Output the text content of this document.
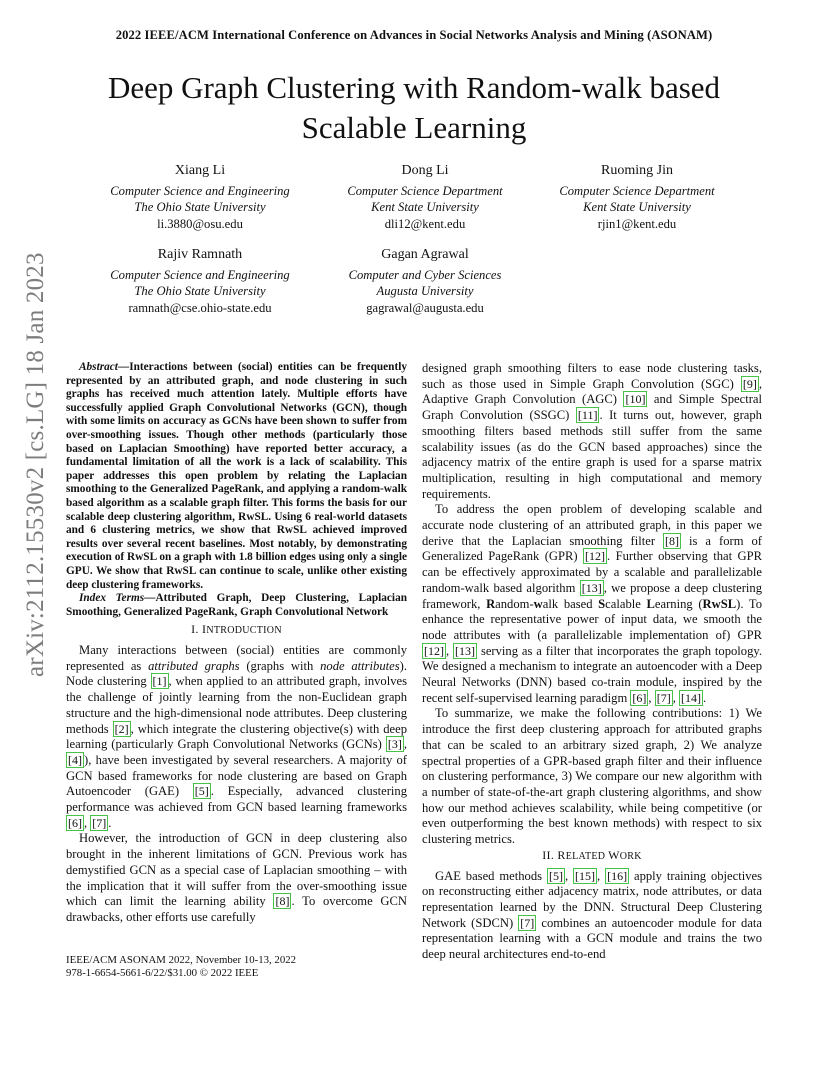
2022 IEEE/ACM International Conference on Advances in Social Networks Analysis and Mining (ASONAM)
Deep Graph Clustering with Random-walk based
Scalable Learning
Xiang Li
Computer Science and Engineering
The Ohio State University
li.3880@osu.edu
Dong Li
Computer Science Department
Kent State University
dli12@kent.edu
Ruoming Jin
Computer Science Department
Kent State University
rjin1@kent.edu
Rajiv Ramnath
Computer Science and Engineering
The Ohio State University
ramnath@cse.ohio-state.edu
Gagan Agrawal
Computer and Cyber Sciences
Augusta University
gagrawal@augusta.edu
arXiv:2112.15530v2 [cs.LG] 18 Jan 2023	Abstract—Interactions between (social) entities can be frequently represented by an attributed graph, and node clustering in such graphs has received much attention lately. Multiple efforts have successfully applied Graph Convolutional Networks (GCN), though with some limits on accuracy as GCNs have been shown to suffer from over-smoothing issues. Though other methods (particularly those based on Laplacian Smoothing) have reported better accuracy, a fundamental limitation of all the work is a lack of scalability. This paper addresses this open problem by relating the Laplacian smoothing to the Generalized PageRank, and applying a random-walk based algorithm as a scalable graph filter. This forms the basis for our scalable deep clustering algorithm, RwSL. Using 6 real-world datasets and 6 clustering metrics, we show that RwSL achieved improved results over several recent baselines. Most notably, by demonstrating execution of RwSL on a graph with 1.8 billion edges using only a single GPU. We show that RwSL can continue to scale, unlike other existing deep clustering frameworks.

Index Terms—Attributed Graph, Deep Clustering, Laplacian Smoothing, Generalized PageRank, Graph Convolutional Network

I. INTRODUCTION

Many interactions between (social) entities are commonly represented as attributed graphs (graphs with node attributes). Node clustering [1] , when applied to an attributed graph, involves the challenge of jointly learning from the non-Euclidean graph structure and the high-dimensional node attributes. Deep clustering methods [2] , which integrate the clustering objective(s) with deep learning (particularly Graph Convolutional Networks (GCNs) [3] , [4] ), have been investigated by several researchers. A majority of GCN based frameworks for node clustering are based on Graph Autoencoder (GAE) [5] . Especially, advanced clustering performance was achieved from GCN based learning frameworks [6] , [7] .

However, the introduction of GCN in deep clustering also brought in the inherent limitations of GCN. Previous work has demystified GCN as a special case of Laplacian smoothing – with the implication that it will suffer from the over-smoothing issue which can limit the learning ability [8] . To overcome GCN drawbacks, other efforts use carefully

IEEE/ACM ASONAM 2022, November 10-13, 2022
978-1-6654-5661-6/22/$31.00 © 2022 IEEE

designed graph smoothing filters to ease node clustering tasks, such as those used in Simple Graph Convolution (SGC) [9] , Adaptive Graph Convolution (AGC) [10] and Simple Spectral Graph Convolution (SSGC) [11] . It turns out, however, graph smoothing filters based methods still suffer from the same scalability issues (as do the GCN based approaches) since the adjacency matrix of the entire graph is used for a sparse matrix multiplication, resulting in high computational and memory requirements.

To address the open problem of developing scalable and accurate node clustering of an attributed graph, in this paper we derive that the Laplacian smoothing filter [8] is a form of Generalized PageRank (GPR) [12] . Further observing that GPR can be effectively approximated by a scalable and parallelizable random-walk based algorithm [13] , we propose a deep clustering framework, Random-walk based Scalable Learning (RwSL). To enhance the representative power of input data, we smooth the node attributes with (a parallelizable implementation of) GPR [12] , [13] serving as a filter that incorporates the graph topology. We designed a mechanism to integrate an autoencoder with a Deep Neural Networks (DNN) based co-train module, inspired by the recent self-supervised learning paradigm [6] , [7] , [14] .

To summarize, we make the following contributions: 1) We introduce the first deep clustering approach for attributed graphs that can be scaled to an arbitrary sized graph, 2) We analyze spectral properties of a GPR-based graph filter and their influence on clustering performance, 3) We compare our new algorithm with a number of state-of-the-art graph clustering algorithms, and show how our method achieves scalability, while being competitive (or even outperforming the best known methods) with respect to six clustering metrics.

II. RELATED WORK

GAE based methods [5] , [15] , [16] apply training objectives on reconstructing either adjacency matrix, node attributes, or data representation learned by the DNN. Structural Deep Clustering Network (SDCN) [7] combines an autoencoder module for data representation learning with a GCN module and trains the two deep neural architectures end-to-end
